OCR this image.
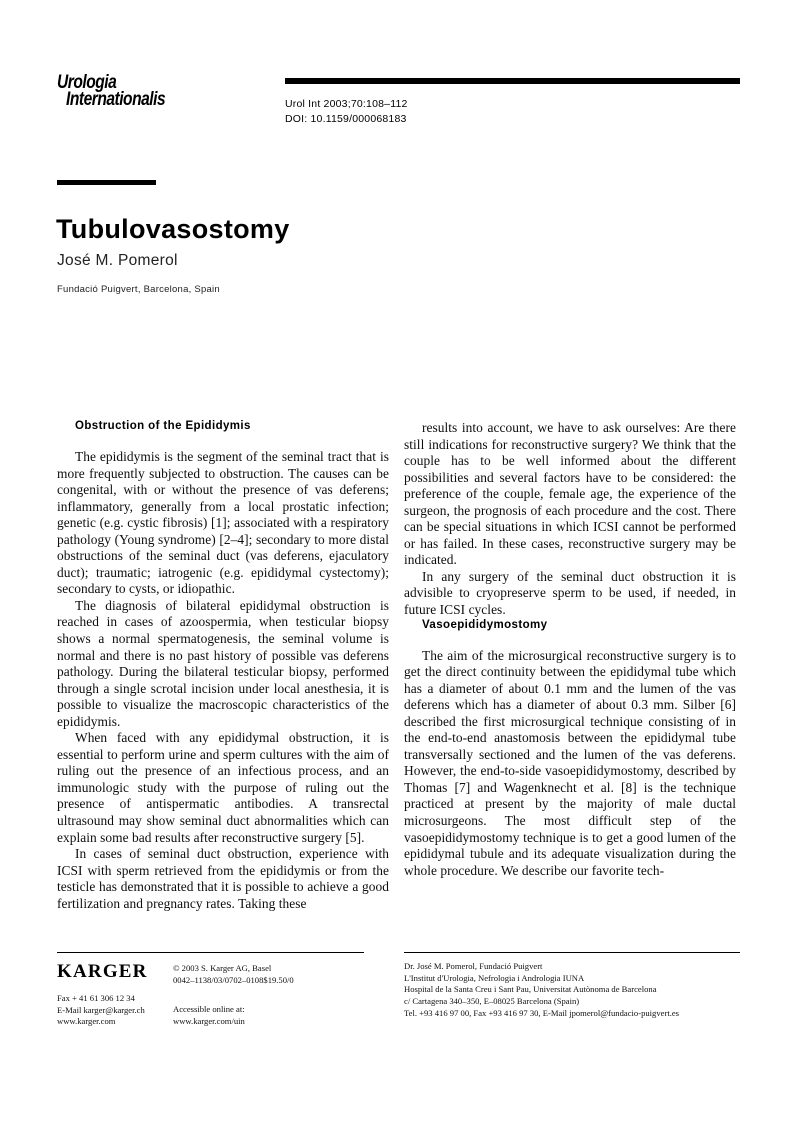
Urologia
Internationalis	Urol Int 2003;70:108–112
DOI: 10.1159/000068183
Tubulovasostomy
José M. Pomerol
Fundació Puigvert, Barcelona, Spain
Obstruction of the Epididymis

The epididymis is the segment of the seminal tract that is more frequently subjected to obstruction. The causes can be congenital, with or without the presence of vas deferens; inflammatory, generally from a local prostatic infection; genetic (e.g. cystic fibrosis) [1]; associated with a respiratory pathology (Young syndrome) [2–4]; secondary to more distal obstructions of the seminal duct (vas deferens, ejaculatory duct); traumatic; iatrogenic (e.g. epididymal cystectomy); secondary to cysts, or idiopathic.

The diagnosis of bilateral epididymal obstruction is reached in cases of azoospermia, when testicular biopsy shows a normal spermatogenesis, the seminal volume is normal and there is no past history of possible vas deferens pathology. During the bilateral testicular biopsy, performed through a single scrotal incision under local anesthesia, it is possible to visualize the macroscopic characteristics of the epididymis.

When faced with any epididymal obstruction, it is essential to perform urine and sperm cultures with the aim of ruling out the presence of an infectious process, and an immunologic study with the purpose of ruling out the presence of antispermatic antibodies. A transrectal ultrasound may show seminal duct abnormalities which can explain some bad results after reconstructive surgery [5].

In cases of seminal duct obstruction, experience with ICSI with sperm retrieved from the epididymis or from the testicle has demonstrated that it is possible to achieve a good fertilization and pregnancy rates. Taking these

results into account, we have to ask ourselves: Are there still indications for reconstructive surgery? We think that the couple has to be well informed about the different possibilities and several factors have to be considered: the preference of the couple, female age, the experience of the surgeon, the prognosis of each procedure and the cost. There can be special situations in which ICSI cannot be performed or has failed. In these cases, reconstructive surgery may be indicated.

In any surgery of the seminal duct obstruction it is advisible to cryopreserve sperm to be used, if needed, in future ICSI cycles.

Vasoepididymostomy

The aim of the microsurgical reconstructive surgery is to get the direct continuity between the epididymal tube which has a diameter of about 0.1 mm and the lumen of the vas deferens which has a diameter of about 0.3 mm. Silber [6] described the first microsurgical technique consisting of in the end-to-end anastomosis between the epididymal tube transversally sectioned and the lumen of the vas deferens. However, the end-to-side vasoepididymostomy, described by Thomas [7] and Wagenknecht et al. [8] is the technique practiced at present by the majority of male ductal microsurgeons. The most difficult step of the vasoepididymostomy technique is to get a good lumen of the epididymal tubule and its adequate visualization during the whole procedure. We describe our favorite tech-

KARGER	© 2003 S. Karger AG, Basel
0042–1138/03/0702–0108$19.50/0
Fax + 41 61 306 12 34
E-Mail karger@karger.ch
www.karger.com
Accessible online at:
www.karger.com/uin
Dr. José M. Pomerol, Fundació Puigvert
L'Institut d'Urologia, Nefrologia i Andrologia IUNA
Hospital de la Santa Creu i Sant Pau, Universitat Autònoma de Barcelona
c/ Cartagena 340–350, E–08025 Barcelona (Spain)
Tel. +93 416 97 00, Fax +93 416 97 30, E-Mail jpomerol@fundacio-puigvert.es
